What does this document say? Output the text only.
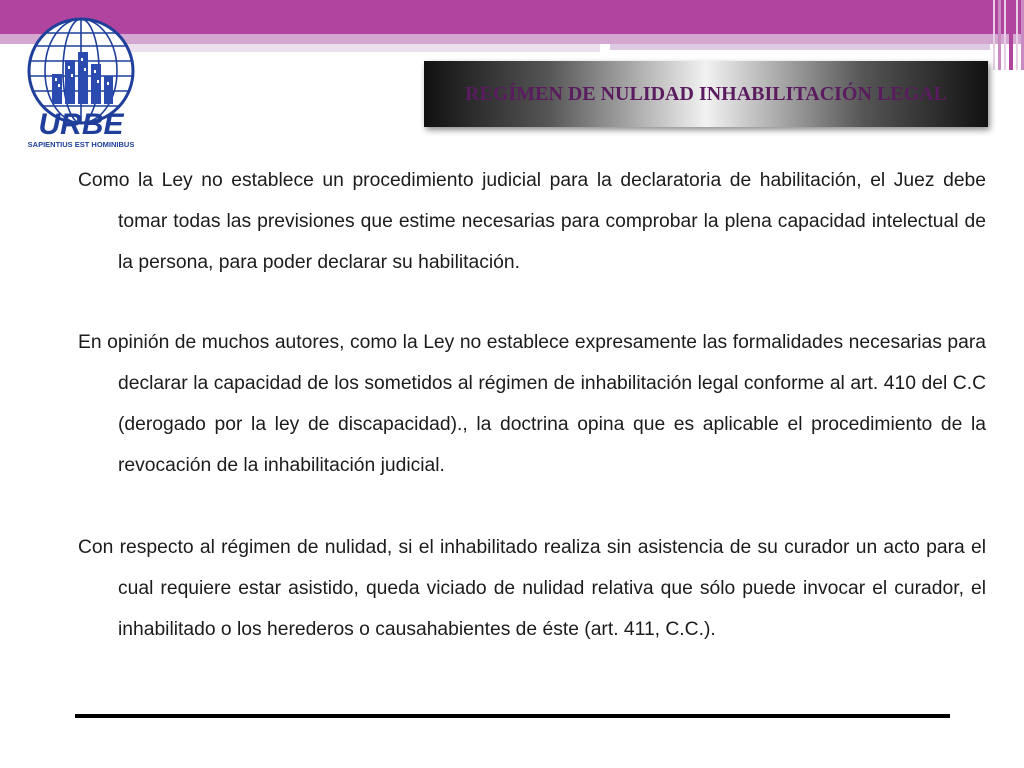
URBE
SAPIENTIUS EST HOMINIBUS
REGÍMEN DE NULIDAD INHABILITACIÓN LEGAL

Como la Ley no establece un procedimiento judicial para la declaratoria de habilitación, el Juez debe tomar todas las previsiones que estime necesarias para comprobar la plena capacidad intelectual de la persona, para poder declarar su habilitación.

En opinión de muchos autores, como la Ley no establece expresamente las formalidades necesarias para declarar la capacidad de los sometidos al régimen de inhabilitación legal conforme al art. 410 del C.C (derogado por la ley de discapacidad)., la doctrina opina que es aplicable el procedimiento de la revocación de la inhabilitación judicial.

Con respecto al régimen de nulidad, si el inhabilitado realiza sin asistencia de su curador un acto para el cual requiere estar asistido, queda viciado de nulidad relativa que sólo puede invocar el curador, el inhabilitado o los herederos o causahabientes de éste (art. 411, C.C.).
